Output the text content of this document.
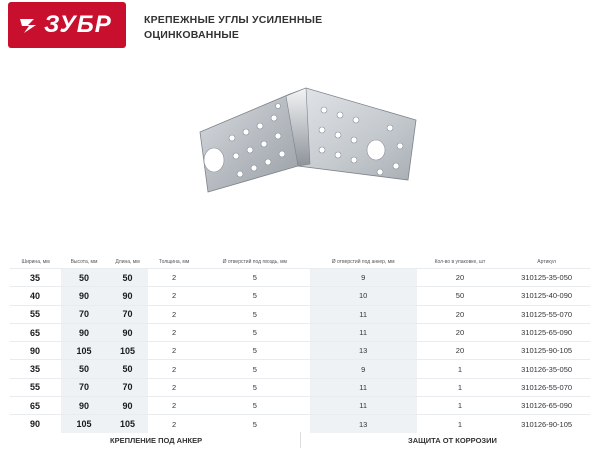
ЗУБР	КРЕПЕЖНЫЕ УГЛЫ УСИЛЕННЫЕ
ОЦИНКОВАННЫЕ
Ширина, мм	Высота, мм	Длина, мм	Толщина, мм	Ø отверстий под гвоздь, мм	Ø отверстий под анкер, мм	Кол-во в упаковке, шт	Артикул
35	50	50	2	5	9	20	310125-35-050
40	90	90	2	5	10	50	310125-40-090
55	70	70	2	5	11	20	310125-55-070
65	90	90	2	5	11	20	310125-65-090
90	105	105	2	5	13	20	310125-90-105
35	50	50	2	5	9	1	310126-35-050
55	70	70	2	5	11	1	310126-55-070
65	90	90	2	5	11	1	310126-65-090
90	105	105	2	5	13	1	310126-90-105
КРЕПЛЕНИЕ ПОД АНКЕР	ЗАЩИТА ОТ КОРРОЗИИ
